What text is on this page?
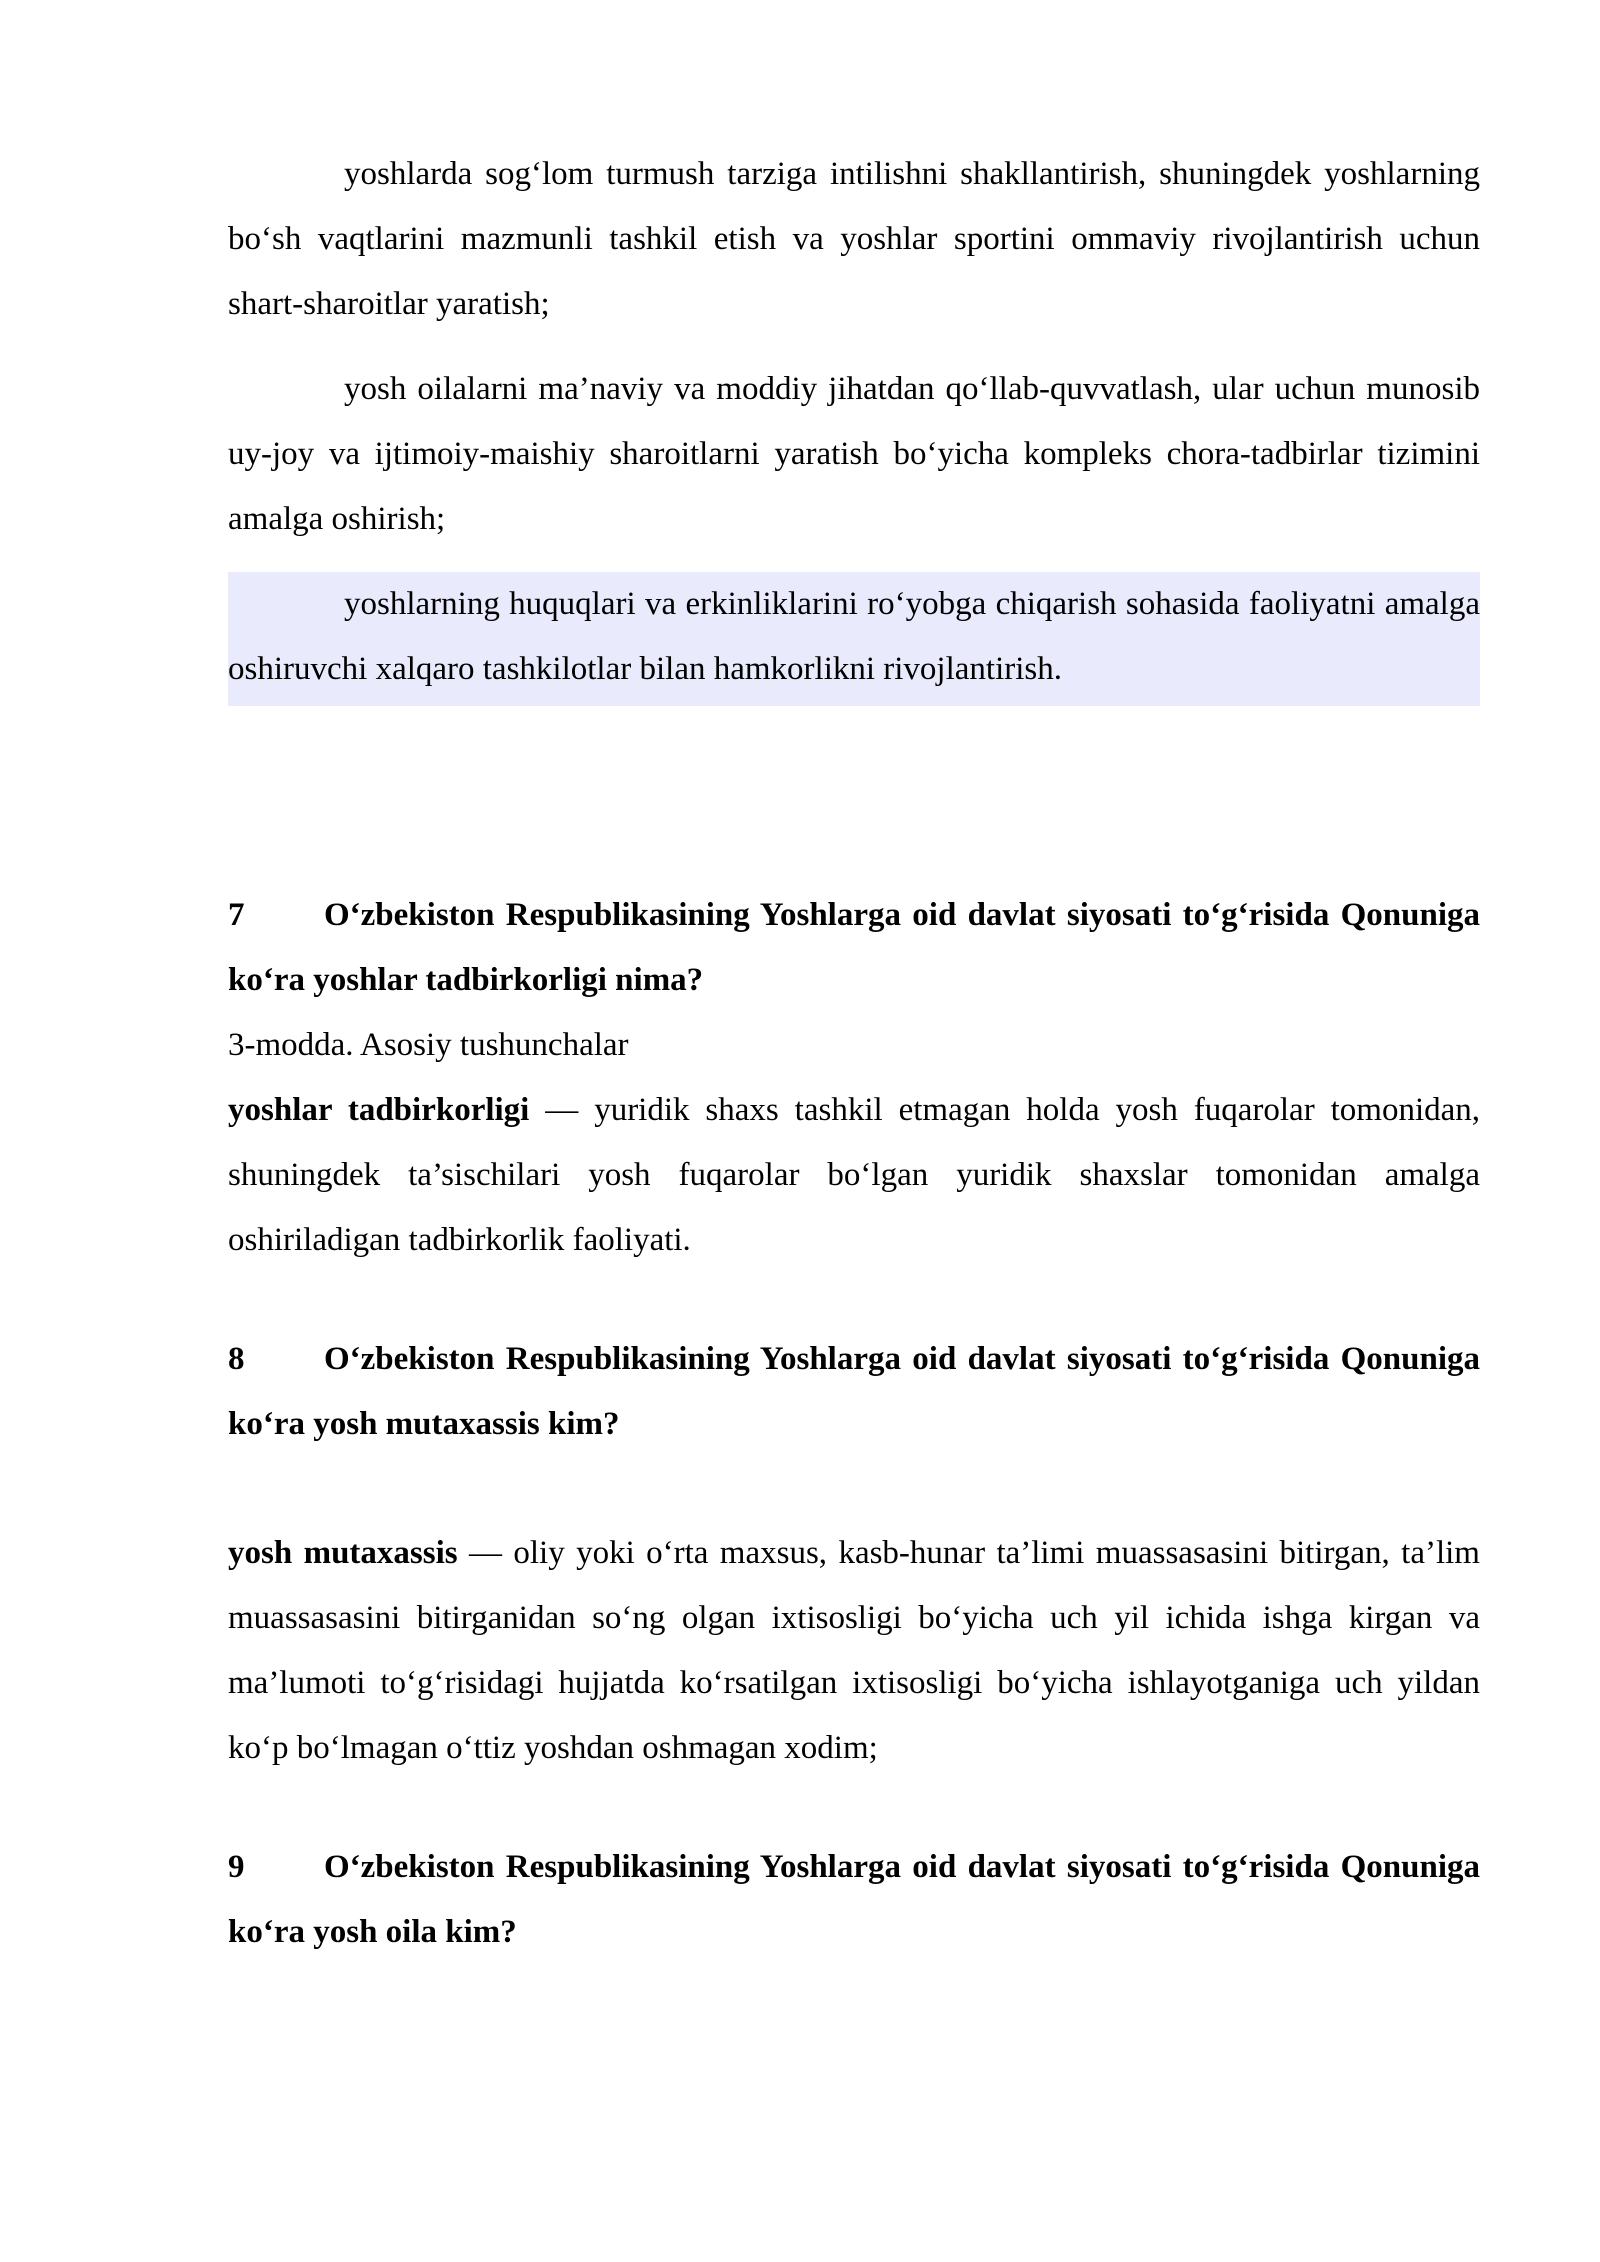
yoshlarda sog‘lom turmush tarziga intilishni shakllantirish, shuningdek yoshlarning bo‘sh vaqtlarini mazmunli tashkil etish va yoshlar sportini ommaviy rivojlantirish uchun shart-sharoitlar yaratish;

yosh oilalarni ma’naviy va moddiy jihatdan qo‘llab-quvvatlash, ular uchun munosib uy-joy va ijtimoiy-maishiy sharoitlarni yaratish bo‘yicha kompleks chora-tadbirlar tizimini amalga oshirish;

yoshlarning huquqlari va erkinliklarini ro‘yobga chiqarish sohasida faoliyatni amalga oshiruvchi xalqaro tashkilotlar bilan hamkorlikni rivojlantirish.

7 O‘zbekiston Respublikasining Yoshlarga oid davlat siyosati to‘g‘risida Qonuniga ko‘ra yoshlar tadbirkorligi nima?

3-modda. Asosiy tushunchalar

yoshlar tadbirkorligi — yuridik shaxs tashkil etmagan holda yosh fuqarolar tomonidan, shuningdek ta’sischilari yosh fuqarolar bo‘lgan yuridik shaxslar tomonidan amalga oshiriladigan tadbirkorlik faoliyati.

8 O‘zbekiston Respublikasining Yoshlarga oid davlat siyosati to‘g‘risida Qonuniga ko‘ra yosh mutaxassis kim?

yosh mutaxassis — oliy yoki o‘rta maxsus, kasb-hunar ta’limi muassasasini bitirgan, ta’lim muassasasini bitirganidan so‘ng olgan ixtisosligi bo‘yicha uch yil ichida ishga kirgan va ma’lumoti to‘g‘risidagi hujjatda ko‘rsatilgan ixtisosligi bo‘yicha ishlayotganiga uch yildan ko‘p bo‘lmagan o‘ttiz yoshdan oshmagan xodim;

9 O‘zbekiston Respublikasining Yoshlarga oid davlat siyosati to‘g‘risida Qonuniga ko‘ra yosh oila kim?
